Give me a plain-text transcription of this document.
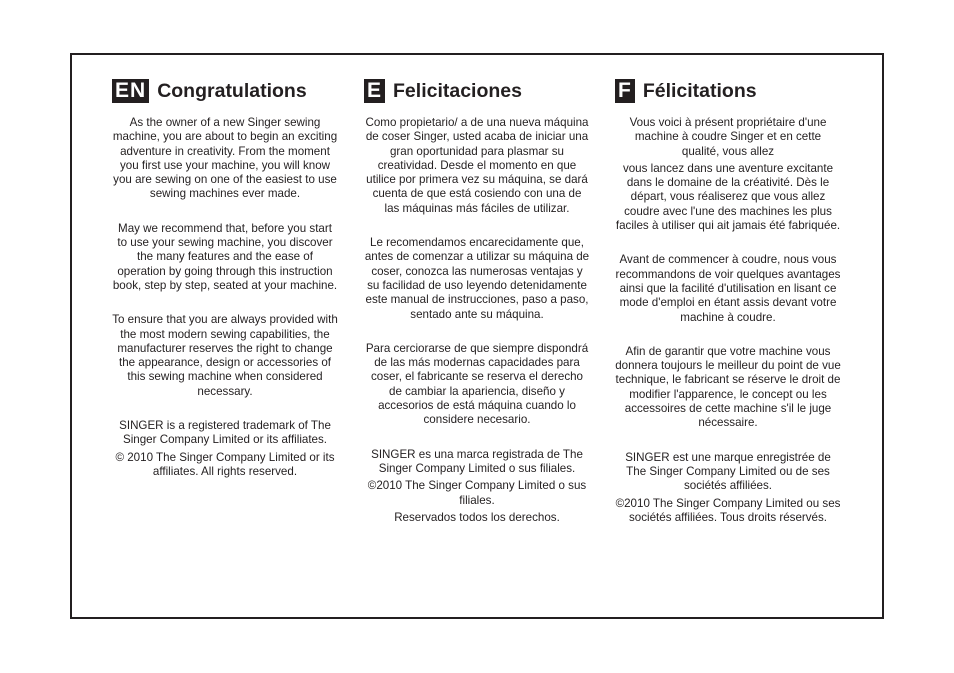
EN Congratulations

As the owner of a new Singer sewing machine, you are about to begin an exciting adventure in creativity. From the moment you first use your machine, you will know you are sewing on one of the easiest to use sewing machines ever made.

May we recommend that, before you start to use your sewing machine, you discover the many features and the ease of operation by going through this instruction book, step by step, seated at your machine.

To ensure that you are always provided with the most modern sewing capabilities, the manufacturer reserves the right to change the appearance, design or accessories of this sewing machine when considered necessary.

SINGER is a registered trademark of The Singer Company Limited or its affiliates.

© 2010 The Singer Company Limited or its affiliates. All rights reserved.

E Felicitaciones

Como propietario/ a de una nueva máquina de coser Singer, usted acaba de iniciar una gran oportunidad para plasmar su creatividad. Desde el momento en que utilice por primera vez su máquina, se dará cuenta de que está cosiendo con una de las máquinas más fáciles de utilizar.

Le recomendamos encarecidamente que, antes de comenzar a utilizar su máquina de coser, conozca las numerosas ventajas y su facilidad de uso leyendo detenidamente este manual de instrucciones, paso a paso, sentado ante su máquina.

Para cerciorarse de que siempre dispondrá de las más modernas capacidades para coser, el fabricante se reserva el derecho de cambiar la apariencia, diseño y accesorios de está máquina cuando lo considere necesario.

SINGER es una marca registrada de The Singer Company Limited o sus filiales.

©2010 The Singer Company Limited o sus filiales.

Reservados todos los derechos.

F Félicitations

Vous voici à présent propriétaire d'une machine à coudre Singer et en cette qualité, vous allez

vous lancez dans une aventure excitante dans le domaine de la créativité. Dès le départ, vous réaliserez que vous allez coudre avec l'une des machines les plus faciles à utiliser qui ait jamais été fabriquée.

Avant de commencer à coudre, nous vous recommandons de voir quelques avantages ainsi que la facilité d'utilisation en lisant ce mode d'emploi en étant assis devant votre machine à coudre.

Afin de garantir que votre machine vous donnera toujours le meilleur du point de vue technique, le fabricant se réserve le droit de modifier l'apparence, le concept ou les accessoires de cette machine s'il le juge nécessaire.

SINGER est une marque enregistrée de The Singer Company Limited ou de ses sociétés affiliées.

©2010 The Singer Company Limited ou ses sociétés affiliées. Tous droits réservés.
